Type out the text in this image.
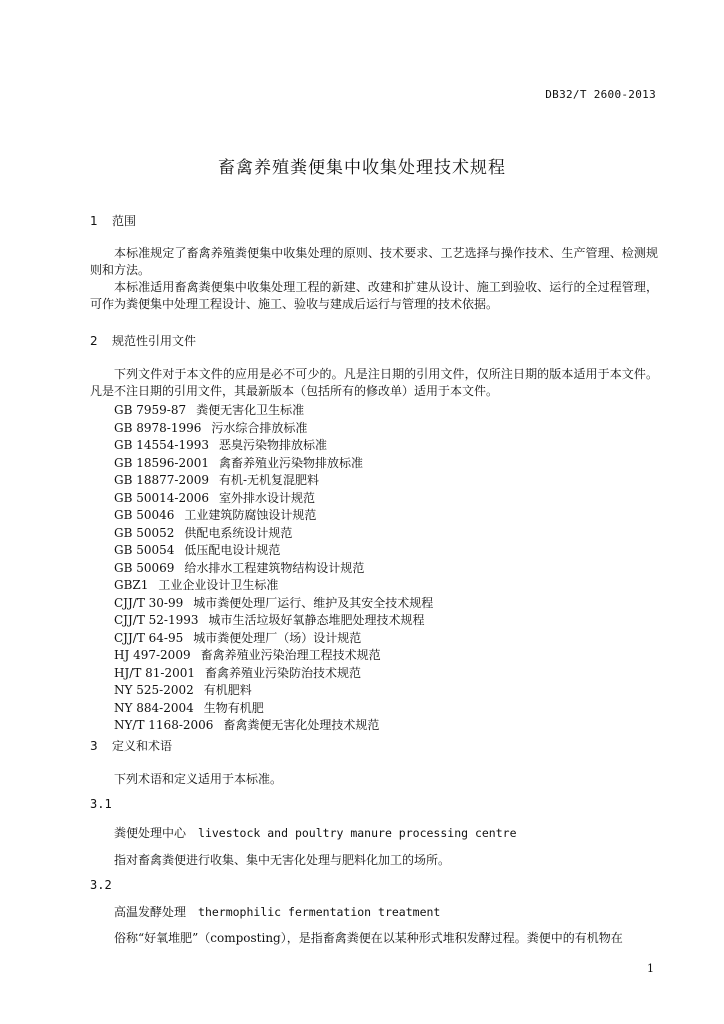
DB32/T 2600-2013
畜禽养殖粪便集中收集处理技术规程
1 范围
本标准规定了畜禽养殖粪便集中收集处理的原则、技术要求、工艺选择与操作技术、生产管理、检测规则和方法。
本标准适用畜禽粪便集中收集处理工程的新建、改建和扩建从设计、施工到验收、运行的全过程管理，可作为粪便集中处理工程设计、施工、验收与建成后运行与管理的技术依据。
2 规范性引用文件
下列文件对于本文件的应用是必不可少的。凡是注日期的引用文件，仅所注日期的版本适用于本文件。凡是不注日期的引用文件，其最新版本（包括所有的修改单）适用于本文件。
GB 7959-87 粪便无害化卫生标准
GB 8978-1996 污水综合排放标准
GB 14554-1993 恶臭污染物排放标准
GB 18596-2001 禽畜养殖业污染物排放标准
GB 18877-2009 有机-无机复混肥料
GB 50014-2006 室外排水设计规范
GB 50046 工业建筑防腐蚀设计规范
GB 50052 供配电系统设计规范
GB 50054 低压配电设计规范
GB 50069 给水排水工程建筑物结构设计规范
GBZ1 工业企业设计卫生标准
CJJ/T 30-99 城市粪便处理厂运行、维护及其安全技术规程
CJJ/T 52-1993 城市生活垃圾好氧静态堆肥处理技术规程
CJJ/T 64-95 城市粪便处理厂（场）设计规范
HJ 497-2009 畜禽养殖业污染治理工程技术规范
HJ/T 81-2001 畜禽养殖业污染防治技术规范
NY 525-2002 有机肥料
NY 884-2004 生物有机肥
NY/T 1168-2006 畜禽粪便无害化处理技术规范
3 定义和术语
下列术语和定义适用于本标准。
3.1
粪便处理中心 livestock and poultry manure processing centre
指对畜禽粪便进行收集、集中无害化处理与肥料化加工的场所。
3.2
高温发酵处理 thermophilic fermentation treatment
俗称“好氧堆肥”（composting），是指畜禽粪便在以某种形式堆积发酵过程。粪便中的有机物在
1
